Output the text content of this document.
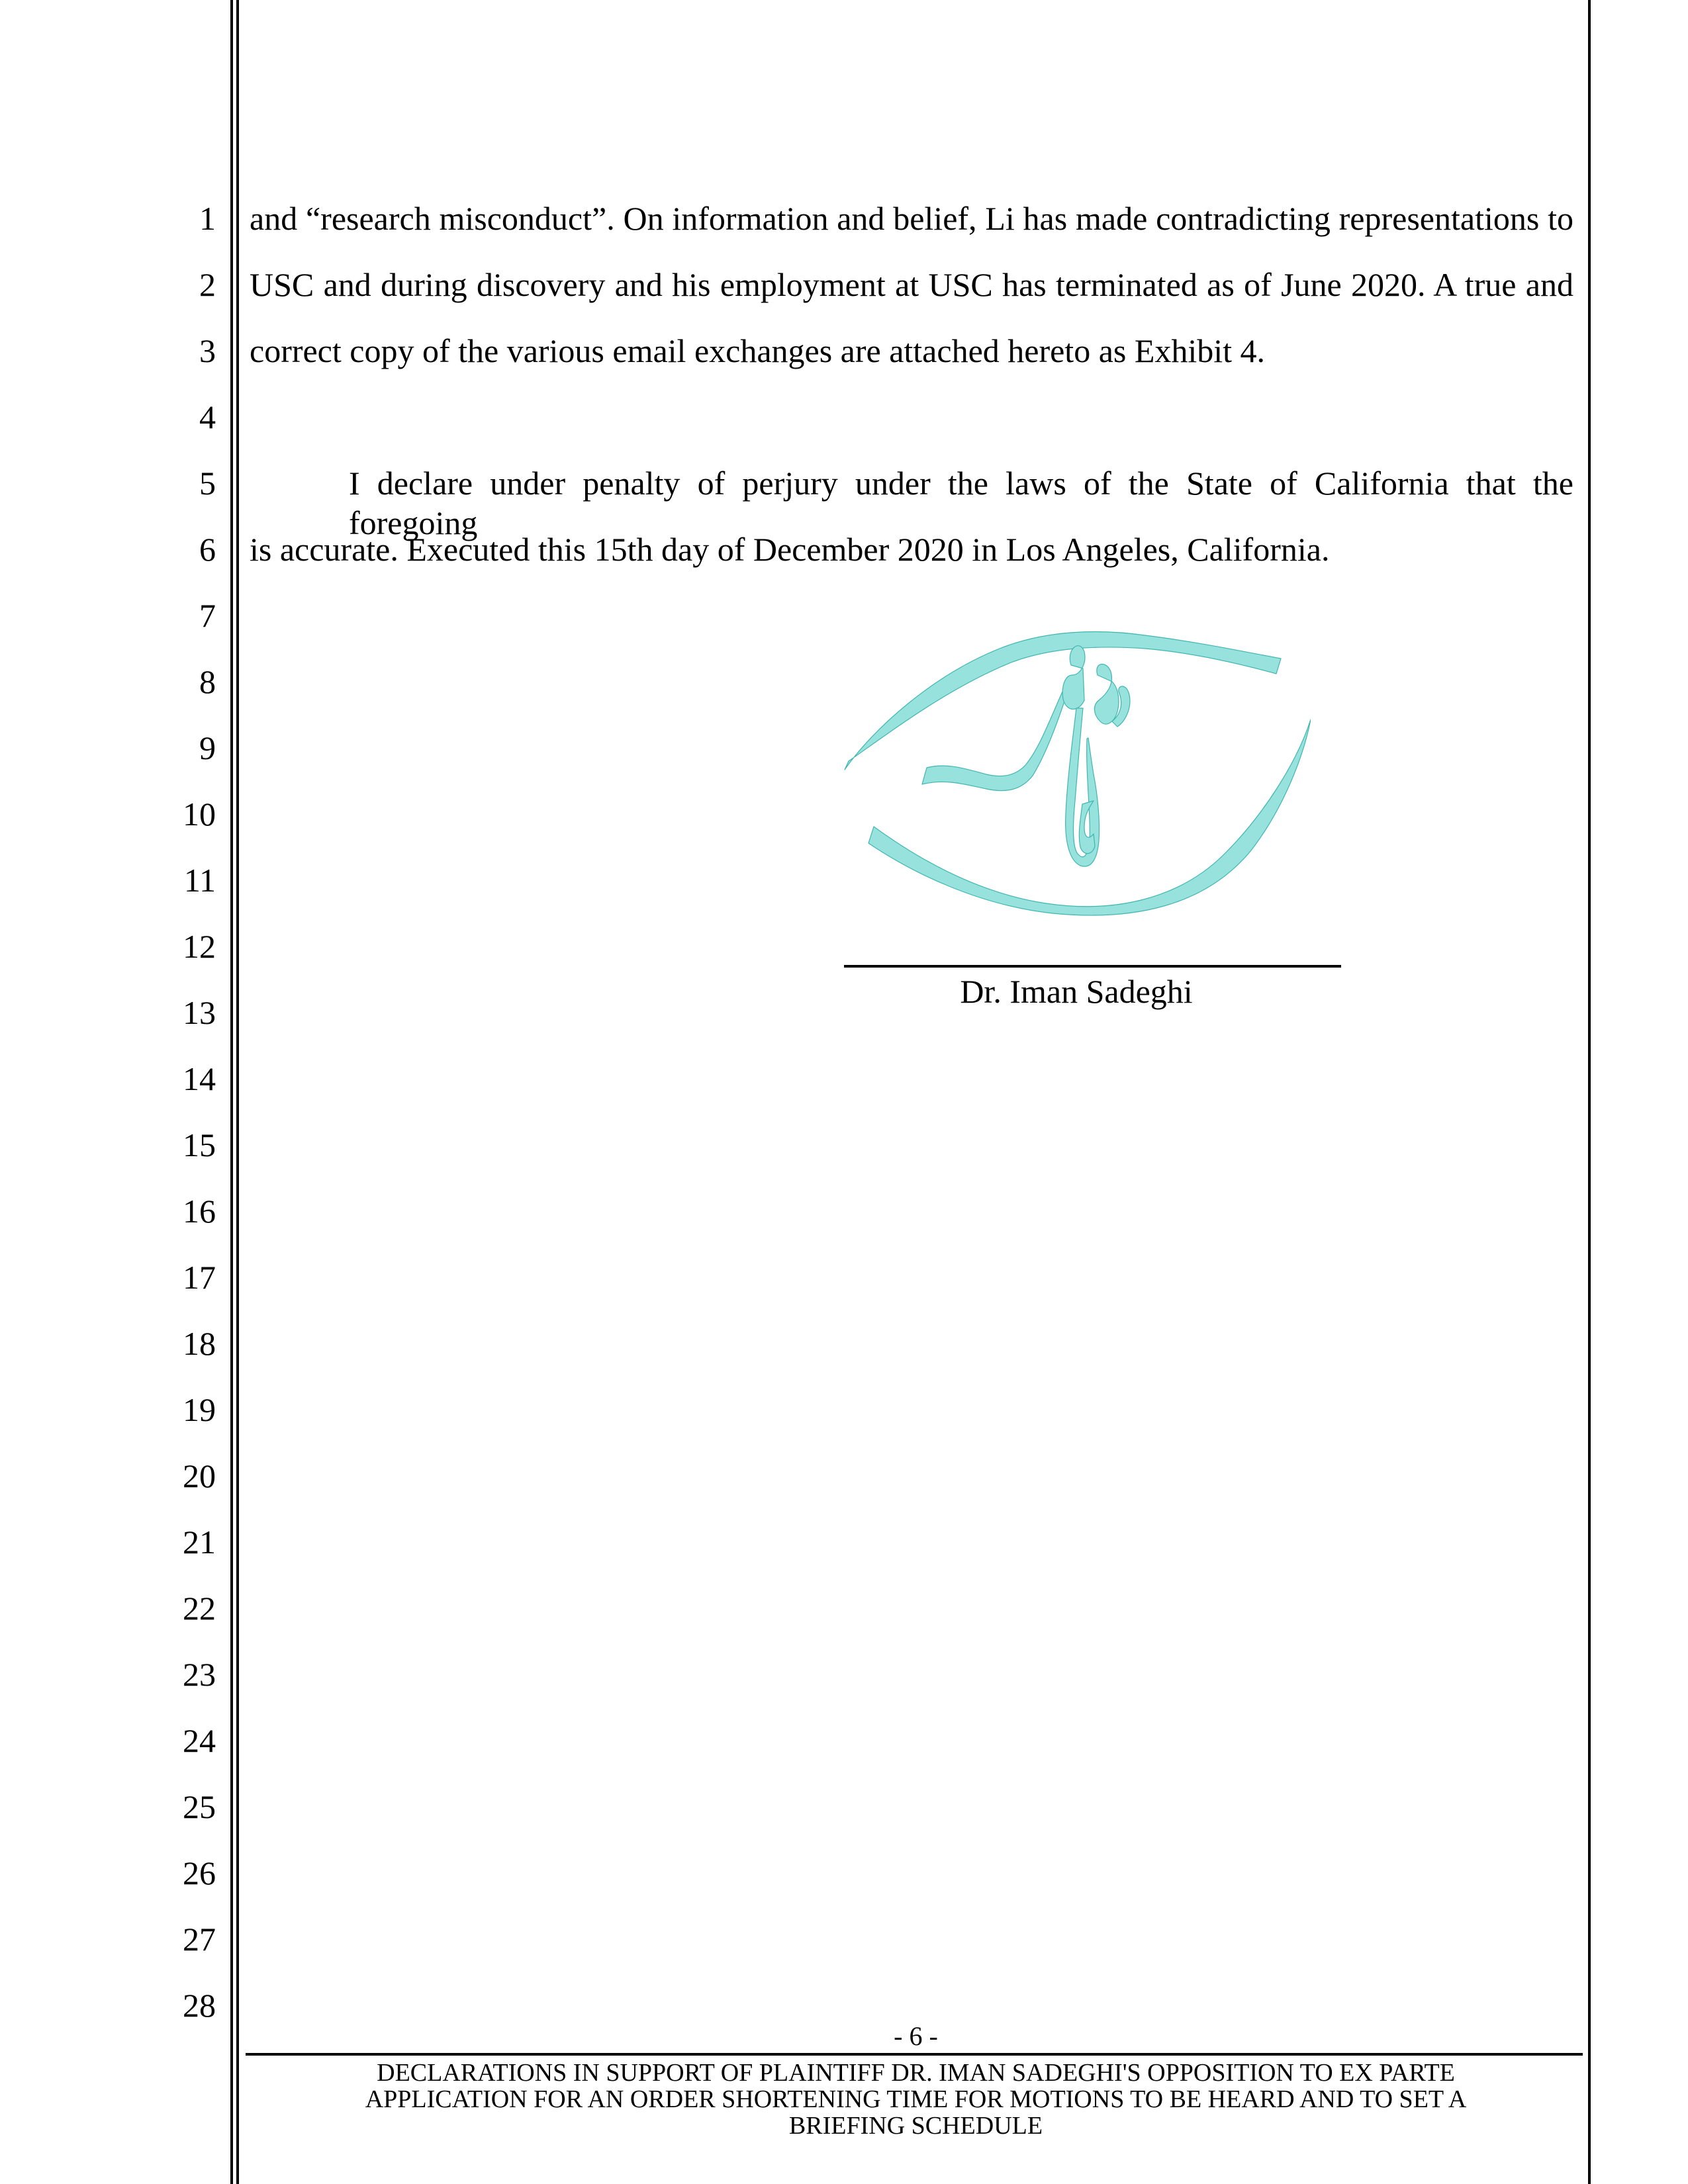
1
2
3
4
5
6
7
8
9
10
11
12
13
14
15
16
17
18
19
20
21
22
23
24
25
26
27
28
and “research misconduct”. On information and belief, Li has made contradicting representations to
USC and during discovery and his employment at USC has terminated as of June 2020. A true and
correct copy of the various email exchanges are attached hereto as Exhibit 4.
I declare under penalty of perjury under the laws of the State of California that the foregoing
is accurate. Executed this 15th day of December 2020 in Los Angeles, California.
Dr. Iman Sadeghi
- 6 -
DECLARATIONS IN SUPPORT OF PLAINTIFF DR. IMAN SADEGHI'S OPPOSITION TO EX PARTE
APPLICATION FOR AN ORDER SHORTENING TIME FOR MOTIONS TO BE HEARD AND TO SET A
BRIEFING SCHEDULE
